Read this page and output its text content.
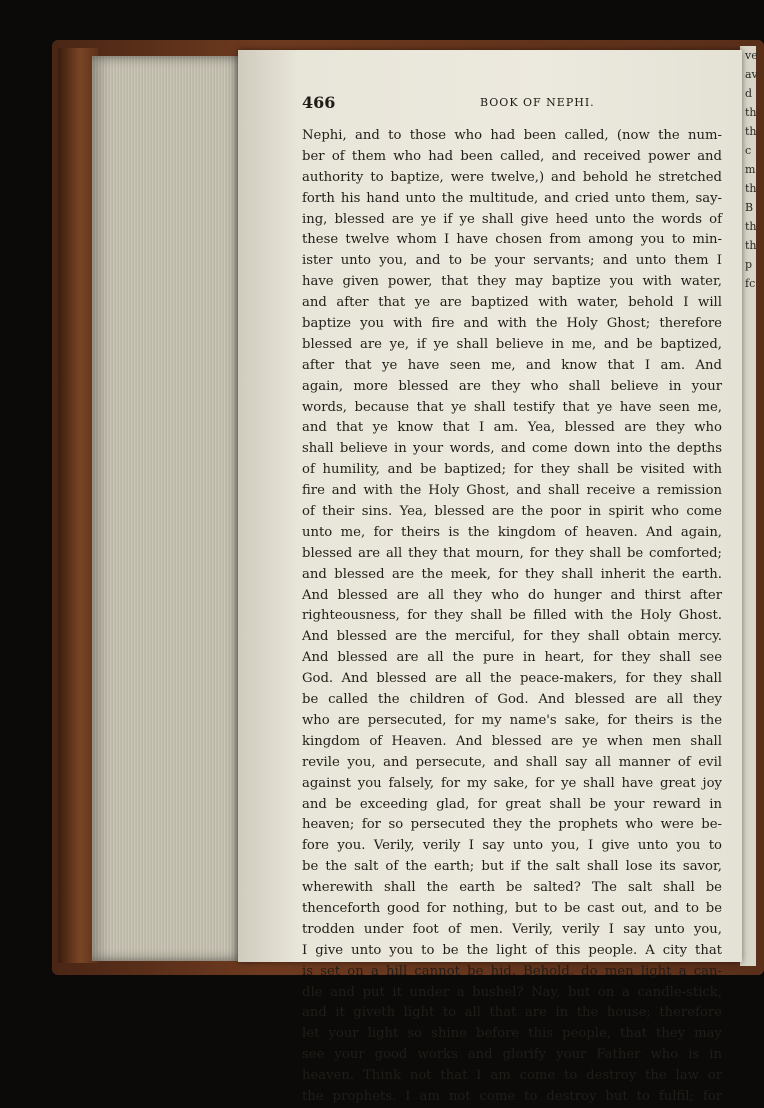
ve
av
d
th
th
c
m
th
B
th
th
p
fc
466	BOOK OF NEPHI.
Nephi, and to those who had been called, (now the num-
ber of them who had been called, and received power and
authority to baptize, were twelve,) and behold he stretched
forth his hand unto the multitude, and cried unto them, say-
ing, blessed are ye if ye shall give heed unto the words of
these twelve whom I have chosen from among you to min-
ister unto you, and to be your servants; and unto them I
have given power, that they may baptize you with water,
and after that ye are baptized with water, behold I will
baptize you with fire and with the Holy Ghost; therefore
blessed are ye, if ye shall believe in me, and be baptized,
after that ye have seen me, and know that I am. And
again, more blessed are they who shall believe in your
words, because that ye shall testify that ye have seen me,
and that ye know that I am. Yea, blessed are they who
shall believe in your words, and come down into the depths
of humility, and be baptized; for they shall be visited with
fire and with the Holy Ghost, and shall receive a remission
of their sins. Yea, blessed are the poor in spirit who come
unto me, for theirs is the kingdom of heaven. And again,
blessed are all they that mourn, for they shall be comforted;
and blessed are the meek, for they shall inherit the earth.
And blessed are all they who do hunger and thirst after
righteousness, for they shall be filled with the Holy Ghost.
And blessed are the merciful, for they shall obtain mercy.
And blessed are all the pure in heart, for they shall see
God. And blessed are all the peace-makers, for they shall
be called the children of God. And blessed are all they
who are persecuted, for my name's sake, for theirs is the
kingdom of Heaven. And blessed are ye when men shall
revile you, and persecute, and shall say all manner of evil
against you falsely, for my sake, for ye shall have great joy
and be exceeding glad, for great shall be your reward in
heaven; for so persecuted they the prophets who were be-
fore you. Verily, verily I say unto you, I give unto you to
be the salt of the earth; but if the salt shall lose its savor,
wherewith shall the earth be salted? The salt shall be
thenceforth good for nothing, but to be cast out, and to be
trodden under foot of men. Verily, verily I say unto you,
I give unto you to be the light of this people. A city that
is set on a hill cannot be hid. Behold, do men light a can-
dle and put it under a bushel? Nay, but on a candle-stick,
and it giveth light to all that are in the house; therefore
let your light so shine before this people, that they may
see your good works and glorify your Father who is in
heaven. Think not that I am come to destroy the law or
the prophets. I am not come to destroy but to fulfil; for
